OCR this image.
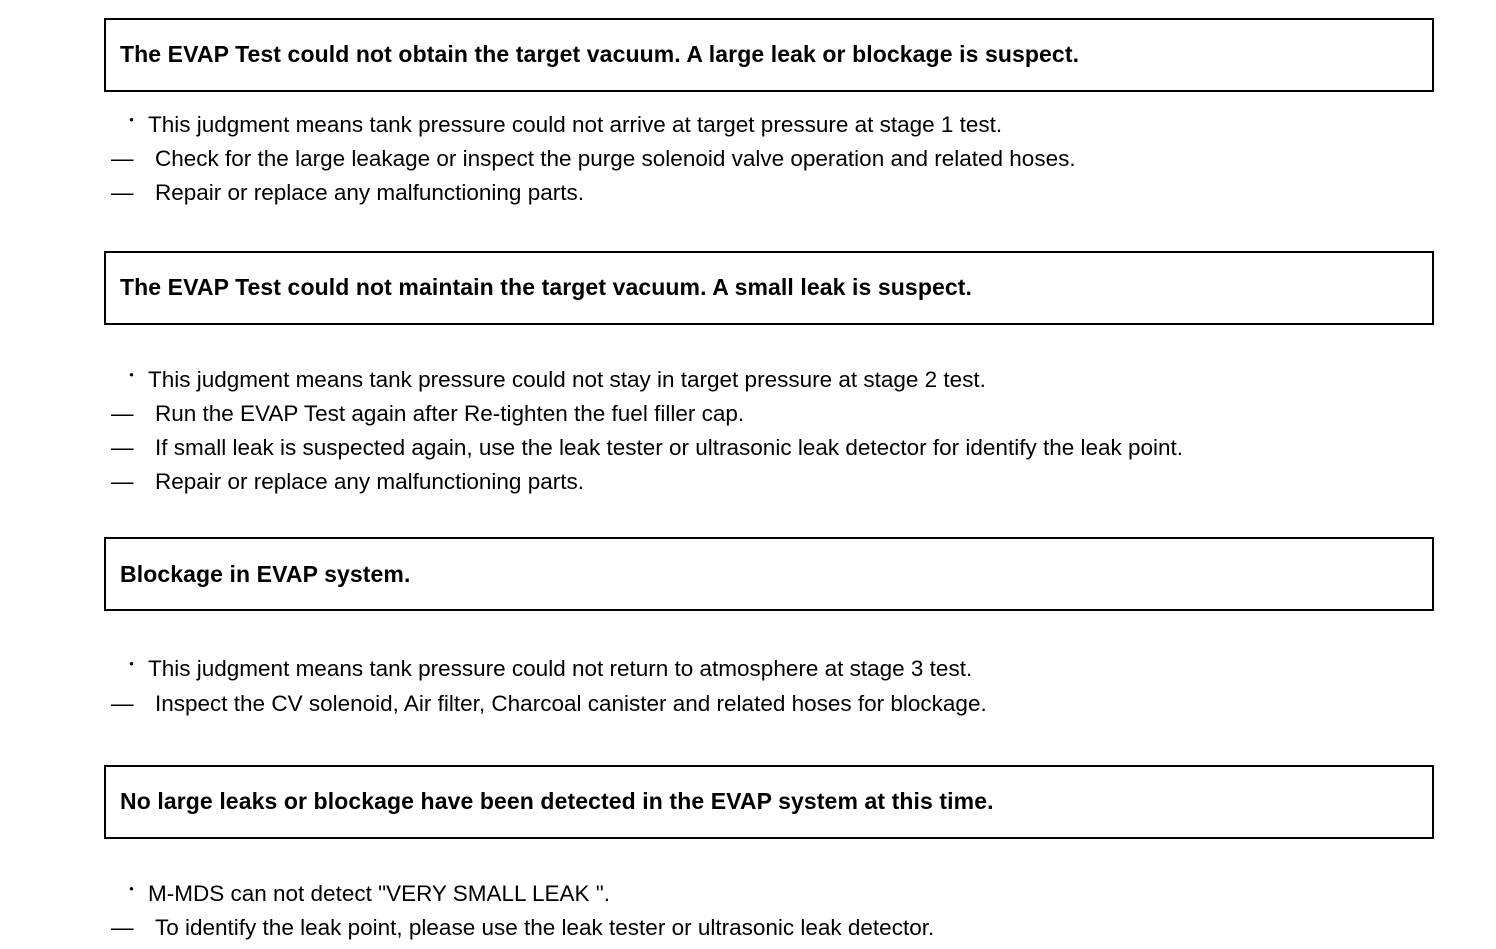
The EVAP Test could not obtain the target vacuum. A large leak or blockage is suspect.
・ This judgment means tank pressure could not arrive at target pressure at stage 1 test.
— Check for the large leakage or inspect the purge solenoid valve operation and related hoses.
— Repair or replace any malfunctioning parts.
The EVAP Test could not maintain the target vacuum. A small leak is suspect.
・ This judgment means tank pressure could not stay in target pressure at stage 2 test.
— Run the EVAP Test again after Re-tighten the fuel filler cap.
— If small leak is suspected again, use the leak tester or ultrasonic leak detector for identify the leak point.
— Repair or replace any malfunctioning parts.
Blockage in EVAP system.
・ This judgment means tank pressure could not return to atmosphere at stage 3 test.
— Inspect the CV solenoid, Air filter, Charcoal canister and related hoses for blockage.
No large leaks or blockage have been detected in the EVAP system at this time.
・ M-MDS can not detect "VERY SMALL LEAK ".
— To identify the leak point, please use the leak tester or ultrasonic leak detector.
